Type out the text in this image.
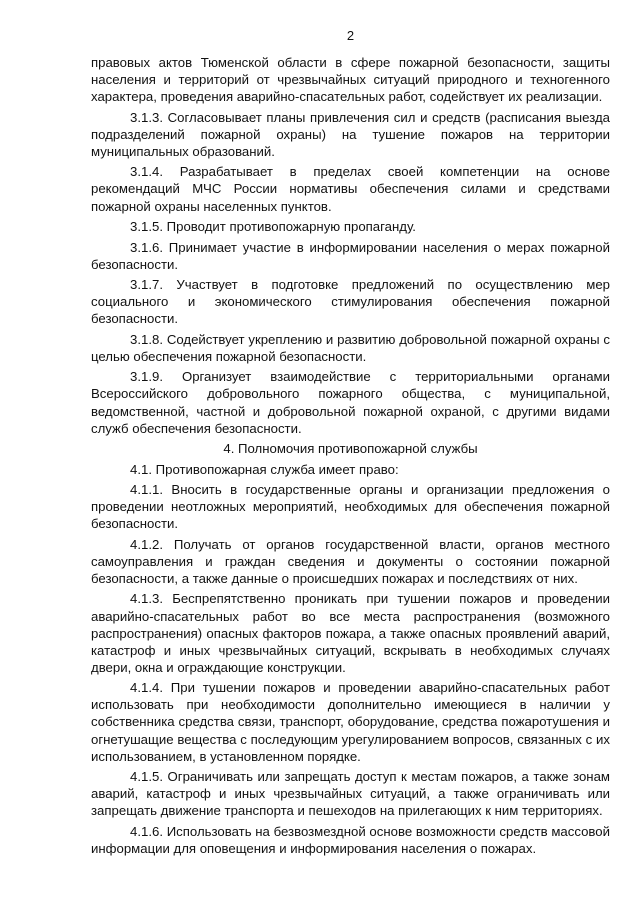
2

правовых актов Тюменской области в сфере пожарной безопасности, защиты населения и территорий от чрезвычайных ситуаций природного и техногенного характера, проведения аварийно-спасательных работ, содействует их реализации.

3.1.3. Согласовывает планы привлечения сил и средств (расписания выезда подразделений пожарной охраны) на тушение пожаров на территории муниципальных образований.

3.1.4. Разрабатывает в пределах своей компетенции на основе рекомендаций МЧС России нормативы обеспечения силами и средствами пожарной охраны населенных пунктов.

3.1.5. Проводит противопожарную пропаганду.

3.1.6. Принимает участие в информировании населения о мерах пожарной безопасности.

3.1.7. Участвует в подготовке предложений по осуществлению мер социального и экономического стимулирования обеспечения пожарной безопасности.

3.1.8. Содействует укреплению и развитию добровольной пожарной охраны с целью обеспечения пожарной безопасности.

3.1.9. Организует взаимодействие с территориальными органами Всероссийского добровольного пожарного общества, с муниципальной, ведомственной, частной и добровольной пожарной охраной, с другими видами служб обеспечения безопасности.

4. Полномочия противопожарной службы

4.1. Противопожарная служба имеет право:

4.1.1. Вносить в государственные органы и организации предложения о проведении неотложных мероприятий, необходимых для обеспечения пожарной безопасности.

4.1.2. Получать от органов государственной власти, органов местного самоуправления и граждан сведения и документы о состоянии пожарной безопасности, а также данные о происшедших пожарах и последствиях от них.

4.1.3. Беспрепятственно проникать при тушении пожаров и проведении аварийно-спасательных работ во все места распространения (возможного распространения) опасных факторов пожара, а также опасных проявлений аварий, катастроф и иных чрезвычайных ситуаций, вскрывать в необходимых случаях двери, окна и ограждающие конструкции.

4.1.4. При тушении пожаров и проведении аварийно-спасательных работ использовать при необходимости дополнительно имеющиеся в наличии у собственника средства связи, транспорт, оборудование, средства пожаротушения и огнетушащие вещества с последующим урегулированием вопросов, связанных с их использованием, в установленном порядке.

4.1.5. Ограничивать или запрещать доступ к местам пожаров, а также зонам аварий, катастроф и иных чрезвычайных ситуаций, а также ограничивать или запрещать движение транспорта и пешеходов на прилегающих к ним территориях.

4.1.6. Использовать на безвозмездной основе возможности средств массовой информации для оповещения и информирования населения о пожарах.
